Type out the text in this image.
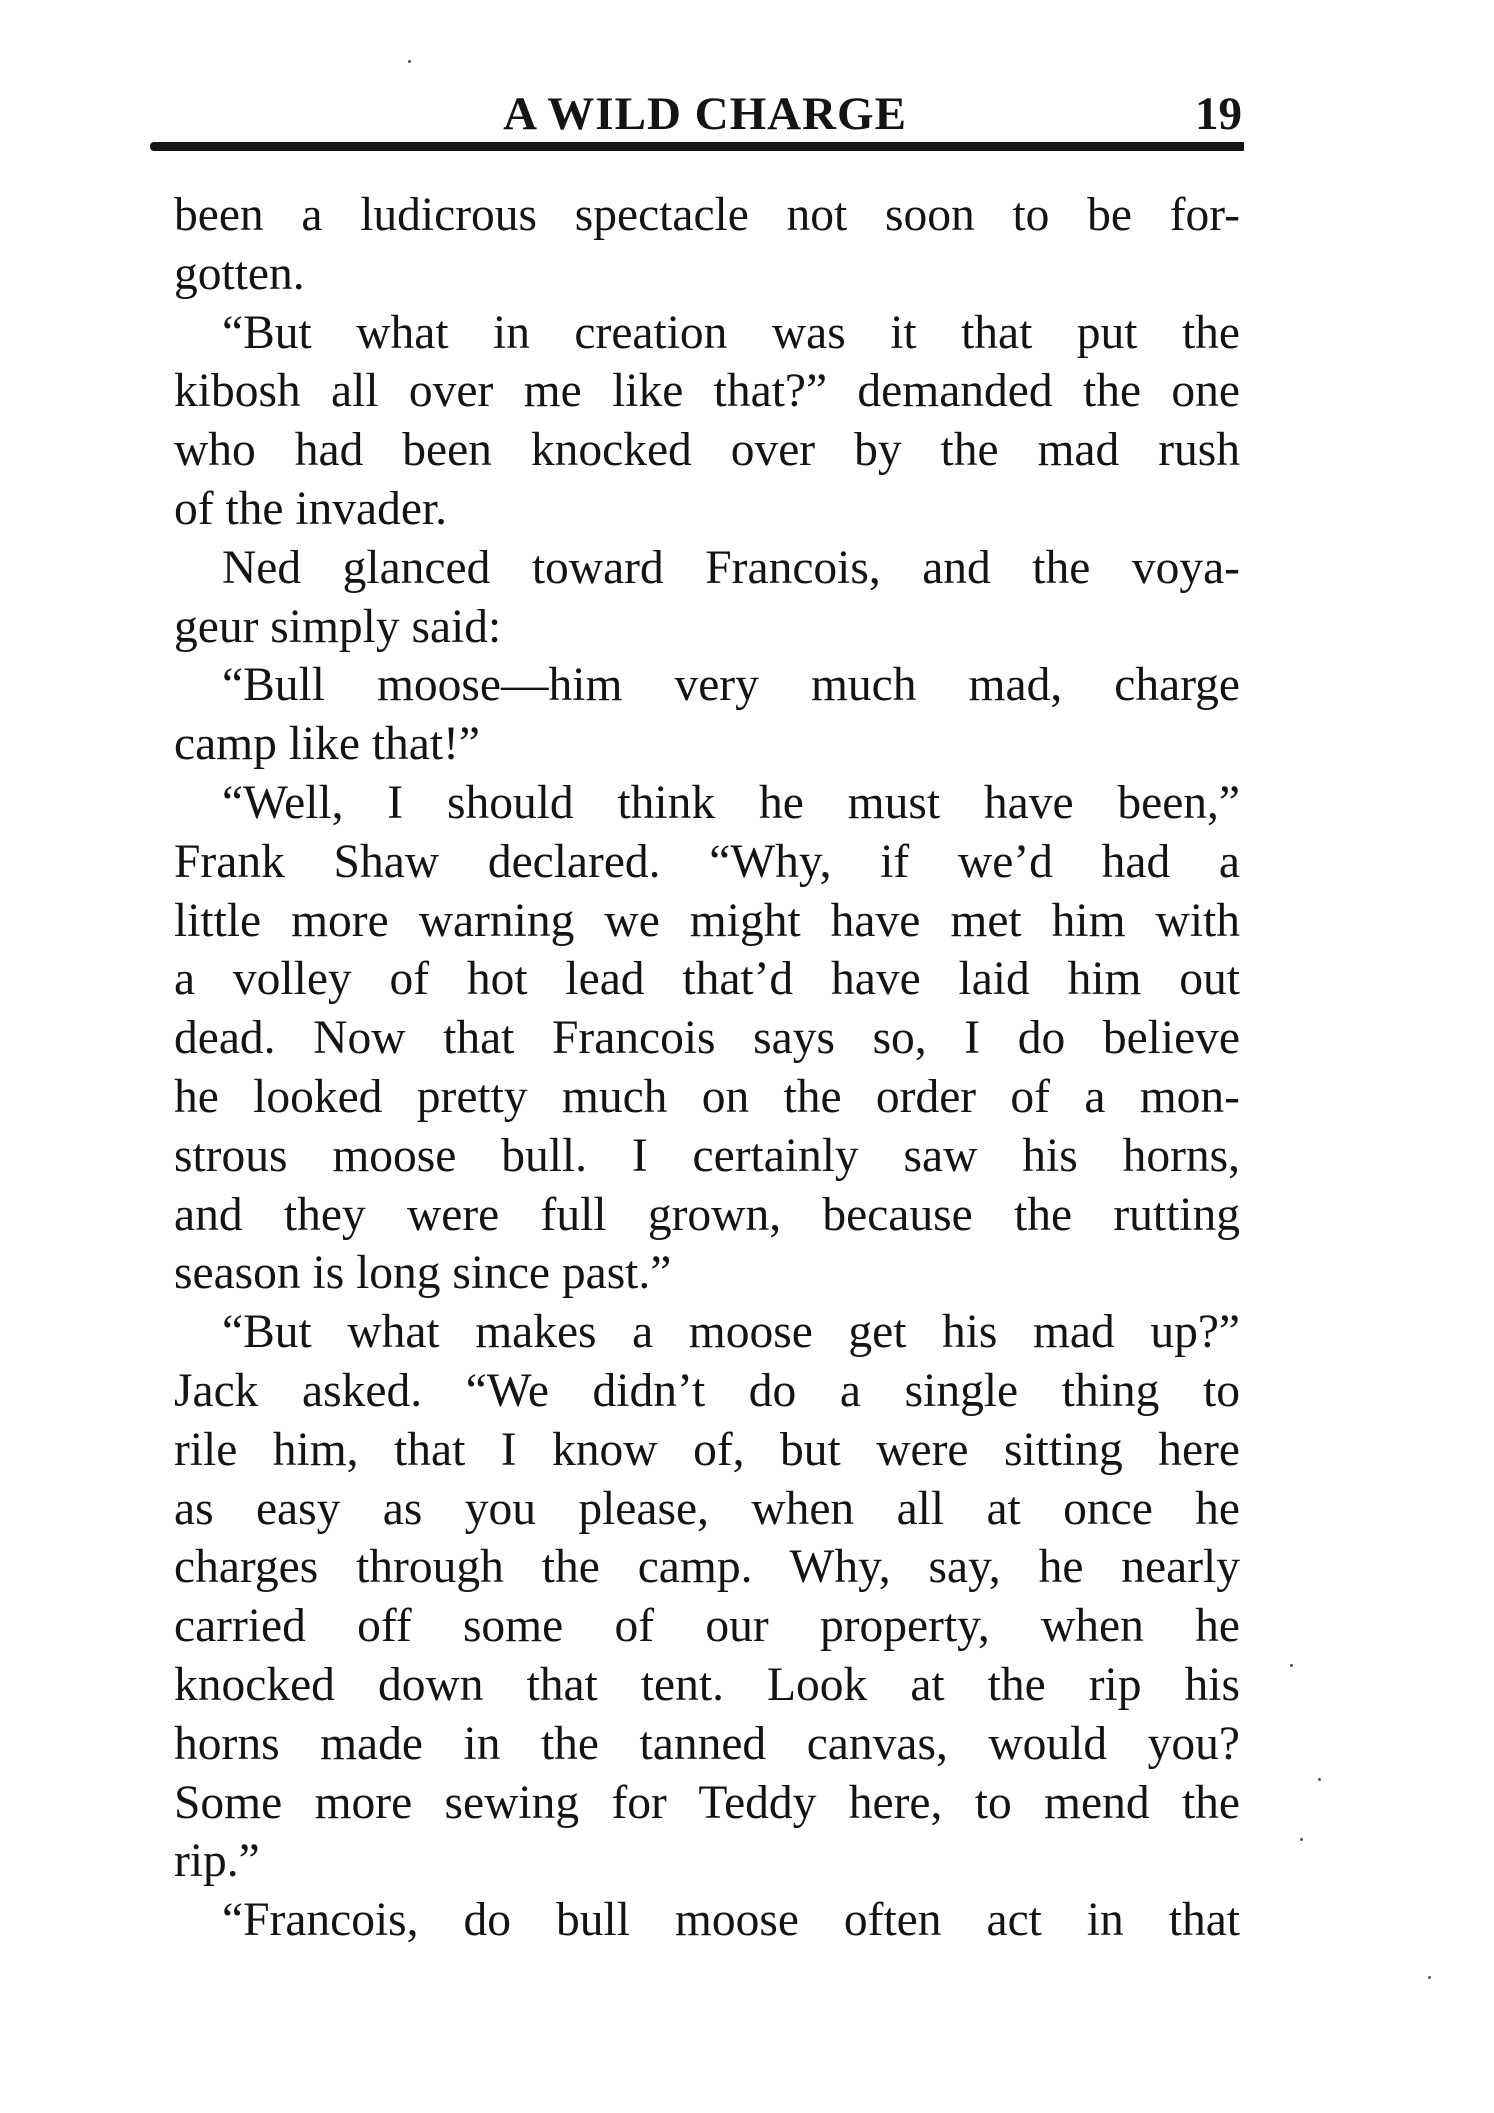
A WILD CHARGE	19

been a ludicrous spectacle not soon to be for-
gotten.

“But what in creation was it that put the
kibosh all over me like that?” demanded the one
who had been knocked over by the mad rush
of the invader.

Ned glanced toward Francois, and the voya-
geur simply said:

“Bull moose—him very much mad, charge
camp like that!”

“Well, I should think he must have been,”
Frank Shaw declared. “Why, if we’d had a
little more warning we might have met him with
a volley of hot lead that’d have laid him out
dead. Now that Francois says so, I do believe
he looked pretty much on the order of a mon-
strous moose bull. I certainly saw his horns,
and they were full grown, because the rutting
season is long since past.”

“But what makes a moose get his mad up?”
Jack asked. “We didn’t do a single thing to
rile him, that I know of, but were sitting here
as easy as you please, when all at once he
charges through the camp. Why, say, he nearly
carried off some of our property, when he
knocked down that tent. Look at the rip his
horns made in the tanned canvas, would you?
Some more sewing for Teddy here, to mend the
rip.”

“Francois, do bull moose often act in that
